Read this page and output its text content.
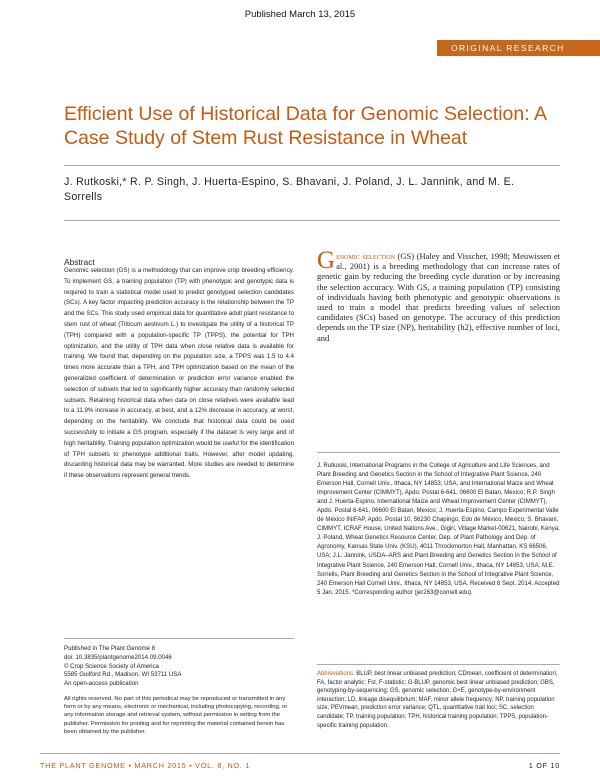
Published March 13, 2015
ORIGINAL RESEARCH
Efficient Use of Historical Data for Genomic Selection: A Case Study of Stem Rust Resistance in Wheat
J. Rutkoski,* R. P. Singh, J. Huerta-Espino, S. Bhavani, J. Poland, J. L. Jannink, and M. E. Sorrells
Abstract
Genomic selection (GS) is a methodology that can improve crop breeding efficiency. To implement GS, a training population (TP) with phenotypic and genotypic data is required to train a statistical model used to predict genotyped selection candidates (SCs). A key factor impacting prediction accuracy is the relationship between the TP and the SCs. This study used empirical data for quantitative adult plant resistance to stem rust of wheat (Triticum aestivum L.) to investigate the utility of a historical TP (TPH) compared with a population-specific TP (TPPS), the potential for TPH optimization, and the utility of TPH data when close relative data is available for training. We found that, depending on the population size, a TPPS was 1.5 to 4.4 times more accurate than a TPH, and TPH optimization based on the mean of the generalized coefficient of determination or prediction error variance enabled the selection of subsets that led to significantly higher accuracy than randomly selected subsets. Retaining historical data when data on close relatives were available lead to a 11.9% increase in accuracy, at best, and a 12% decrease in accuracy, at worst, depending on the heritability. We conclude that historical data could be used successfully to initiate a GS program, especially if the dataset is very large and of high heritability. Training population optimization would be useful for the identification of TPH subsets to phenotype additional traits. However, after model updating, discarding historical data may be warranted. More studies are needed to determine if these observations represent general trends.
Published in The Plant Genome 8
doi: 10.3835/plantgenome2014.09.0046
© Crop Science Society of America
5585 Guilford Rd., Madison, WI 53711 USA
An open-access publication
All rights reserved. No part of this periodical may be reproduced or transmitted in any form or by any means, electronic or mechanical, including photocopying, recording, or any information storage and retrieval system, without permission in writing from the publisher. Permission for printing and for reprinting the material contained herein has been obtained by the publisher.
Genomic selection (GS) (Haley and Visscher, 1998; Meuwissen et al., 2001) is a breeding methodology that can increase rates of genetic gain by reducing the breeding cycle duration or by increasing the selection accuracy. With GS, a training population (TP) consisting of individuals having both phenotypic and genotypic observations is used to train a model that predicts breeding values of selection candidates (SCs) based on genotype. The accuracy of this prediction depends on the TP size (NP), heritability (h2), effective number of loci, and
J. Rutkoski, International Programs in the College of Agriculture and Life Sciences, and Plant Breeding and Genetics Section in the School of Integrative Plant Science, 240 Emerson Hall, Cornell Univ., Ithaca, NY 14853, USA, and International Maize and Wheat Improvement Center (CIMMYT), Apdo. Postal 6-641, 06600 El Batan, Mexico; R.P. Singh and J. Huerta-Espino, International Maize and Wheat Improvement Center (CIMMYT), Apdo. Postal 6-641, 06600 El Batan, Mexico; J. Huerta-Espino, Campo Experimental Valle de México INIFAP, Apdo. Postal 10, 56230 Chapingo, Edo de México, Mexico; S. Bhavani, CIMMYT, ICRAF House, United Nations Ave., Gigiri, Village Market-00621, Nairobi, Kenya; J. Poland, Wheat Genetics Resource Center, Dep. of Plant Pathology and Dep. of Agronomy, Kansas State Univ. (KSU), 4011 Throckmorton Hall, Manhattan, KS 66506, USA; J.L. Jannink, USDA–ARS and Plant Breeding and Genetics Section in the School of Integrative Plant Science, 240 Emerson Hall, Cornell Univ., Ithaca, NY 14853, USA; M.E. Sorrells, Plant Breeding and Genetics Section in the School of Integrative Plant Science, 240 Emerson Hall Cornell Univ., Ithaca, NY 14853, USA. Received 8 Sept. 2014. Accepted 5 Jan. 2015. *Corresponding author (jer263@cornell.edu).
Abbreviations: BLUP, best linear unbiased prediction; CDmean, coefficient of determination; FA, factor analytic; Fst, F-statistic; G-BLUP, genomic best linear unbiased prediction; GBS, genotyping-by-sequencing; GS, genomic selection; G×E, genotype-by-environment interaction; LD, linkage disequilibrium; MAF, minor allele frequency; NP, training population size; PEVmean, prediction error variance; QTL, quantitative trait loci; SC, selection candidate; TP, training population; TPH, historical training population; TPPS, population-specific training population.
THE PLANT GENOME ▪ MARCH 2015 ▪ VOL. 8, NO. 1	1 OF 10
